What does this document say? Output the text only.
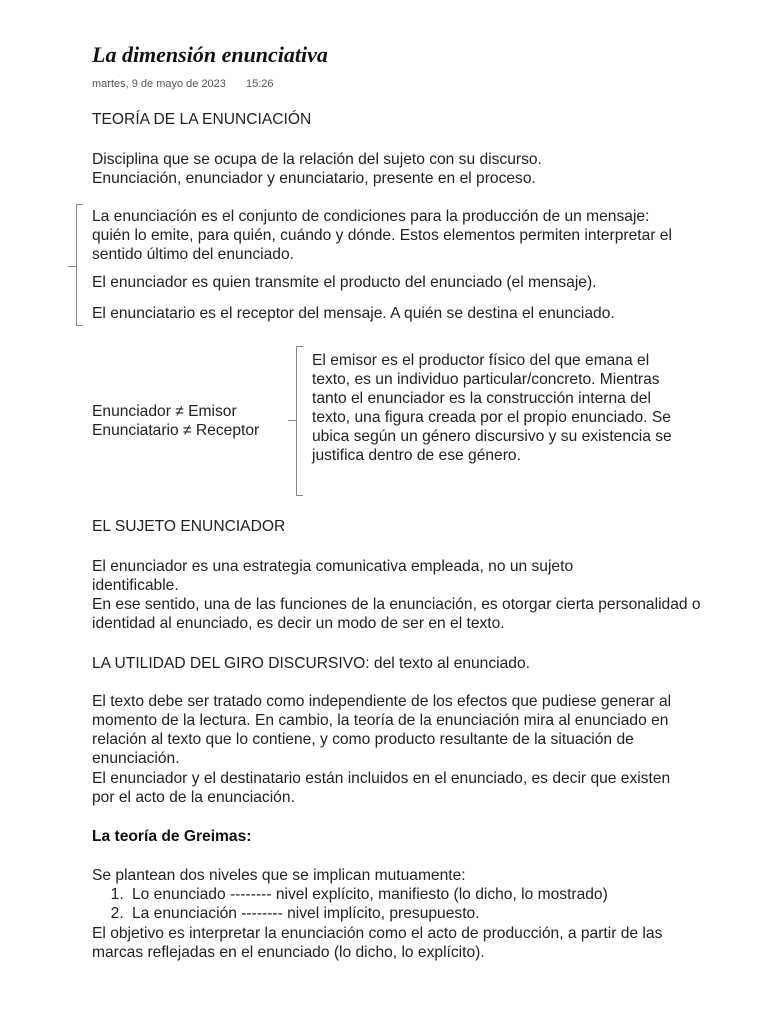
La dimensión enunciativa
martes, 9 de mayo de 2023 15:26

TEORÍA DE LA ENUNCIACIÓN

Disciplina que se ocupa de la relación del sujeto con su discurso.

Enunciación, enunciador y enunciatario, presente en el proceso.

La enunciación es el conjunto de condiciones para la producción de un mensaje: quién lo emite, para quién, cuándo y dónde. Estos elementos permiten interpretar el sentido último del enunciado.

El enunciador es quien transmite el producto del enunciado (el mensaje).

El enunciatario es el receptor del mensaje. A quién se destina el enunciado.

Enunciador ≠ Emisor

Enunciatario ≠ Receptor

El emisor es el productor físico del que emana el texto, es un individuo particular/concreto. Mientras tanto el enunciador es la construcción interna del texto, una figura creada por el propio enunciado. Se ubica según un género discursivo y su existencia se justifica dentro de ese género.

EL SUJETO ENUNCIADOR

El enunciador es una estrategia comunicativa empleada, no un sujeto identificable.

En ese sentido, una de las funciones de la enunciación, es otorgar cierta personalidad o identidad al enunciado, es decir un modo de ser en el texto.

LA UTILIDAD DEL GIRO DISCURSIVO: del texto al enunciado.

El texto debe ser tratado como independiente de los efectos que pudiese generar al momento de la lectura. En cambio, la teoría de la enunciación mira al enunciado en relación al texto que lo contiene, y como producto resultante de la situación de enunciación.

El enunciador y el destinatario están incluidos en el enunciado, es decir que existen por el acto de la enunciación.

La teoría de Greimas:

Se plantean dos niveles que se implican mutuamente:

1. Lo enunciado -------- nivel explícito, manifiesto (lo dicho, lo mostrado)
2. La enunciación -------- nivel implícito, presupuesto.

El objetivo es interpretar la enunciación como el acto de producción, a partir de las marcas reflejadas en el enunciado (lo dicho, lo explícito).
